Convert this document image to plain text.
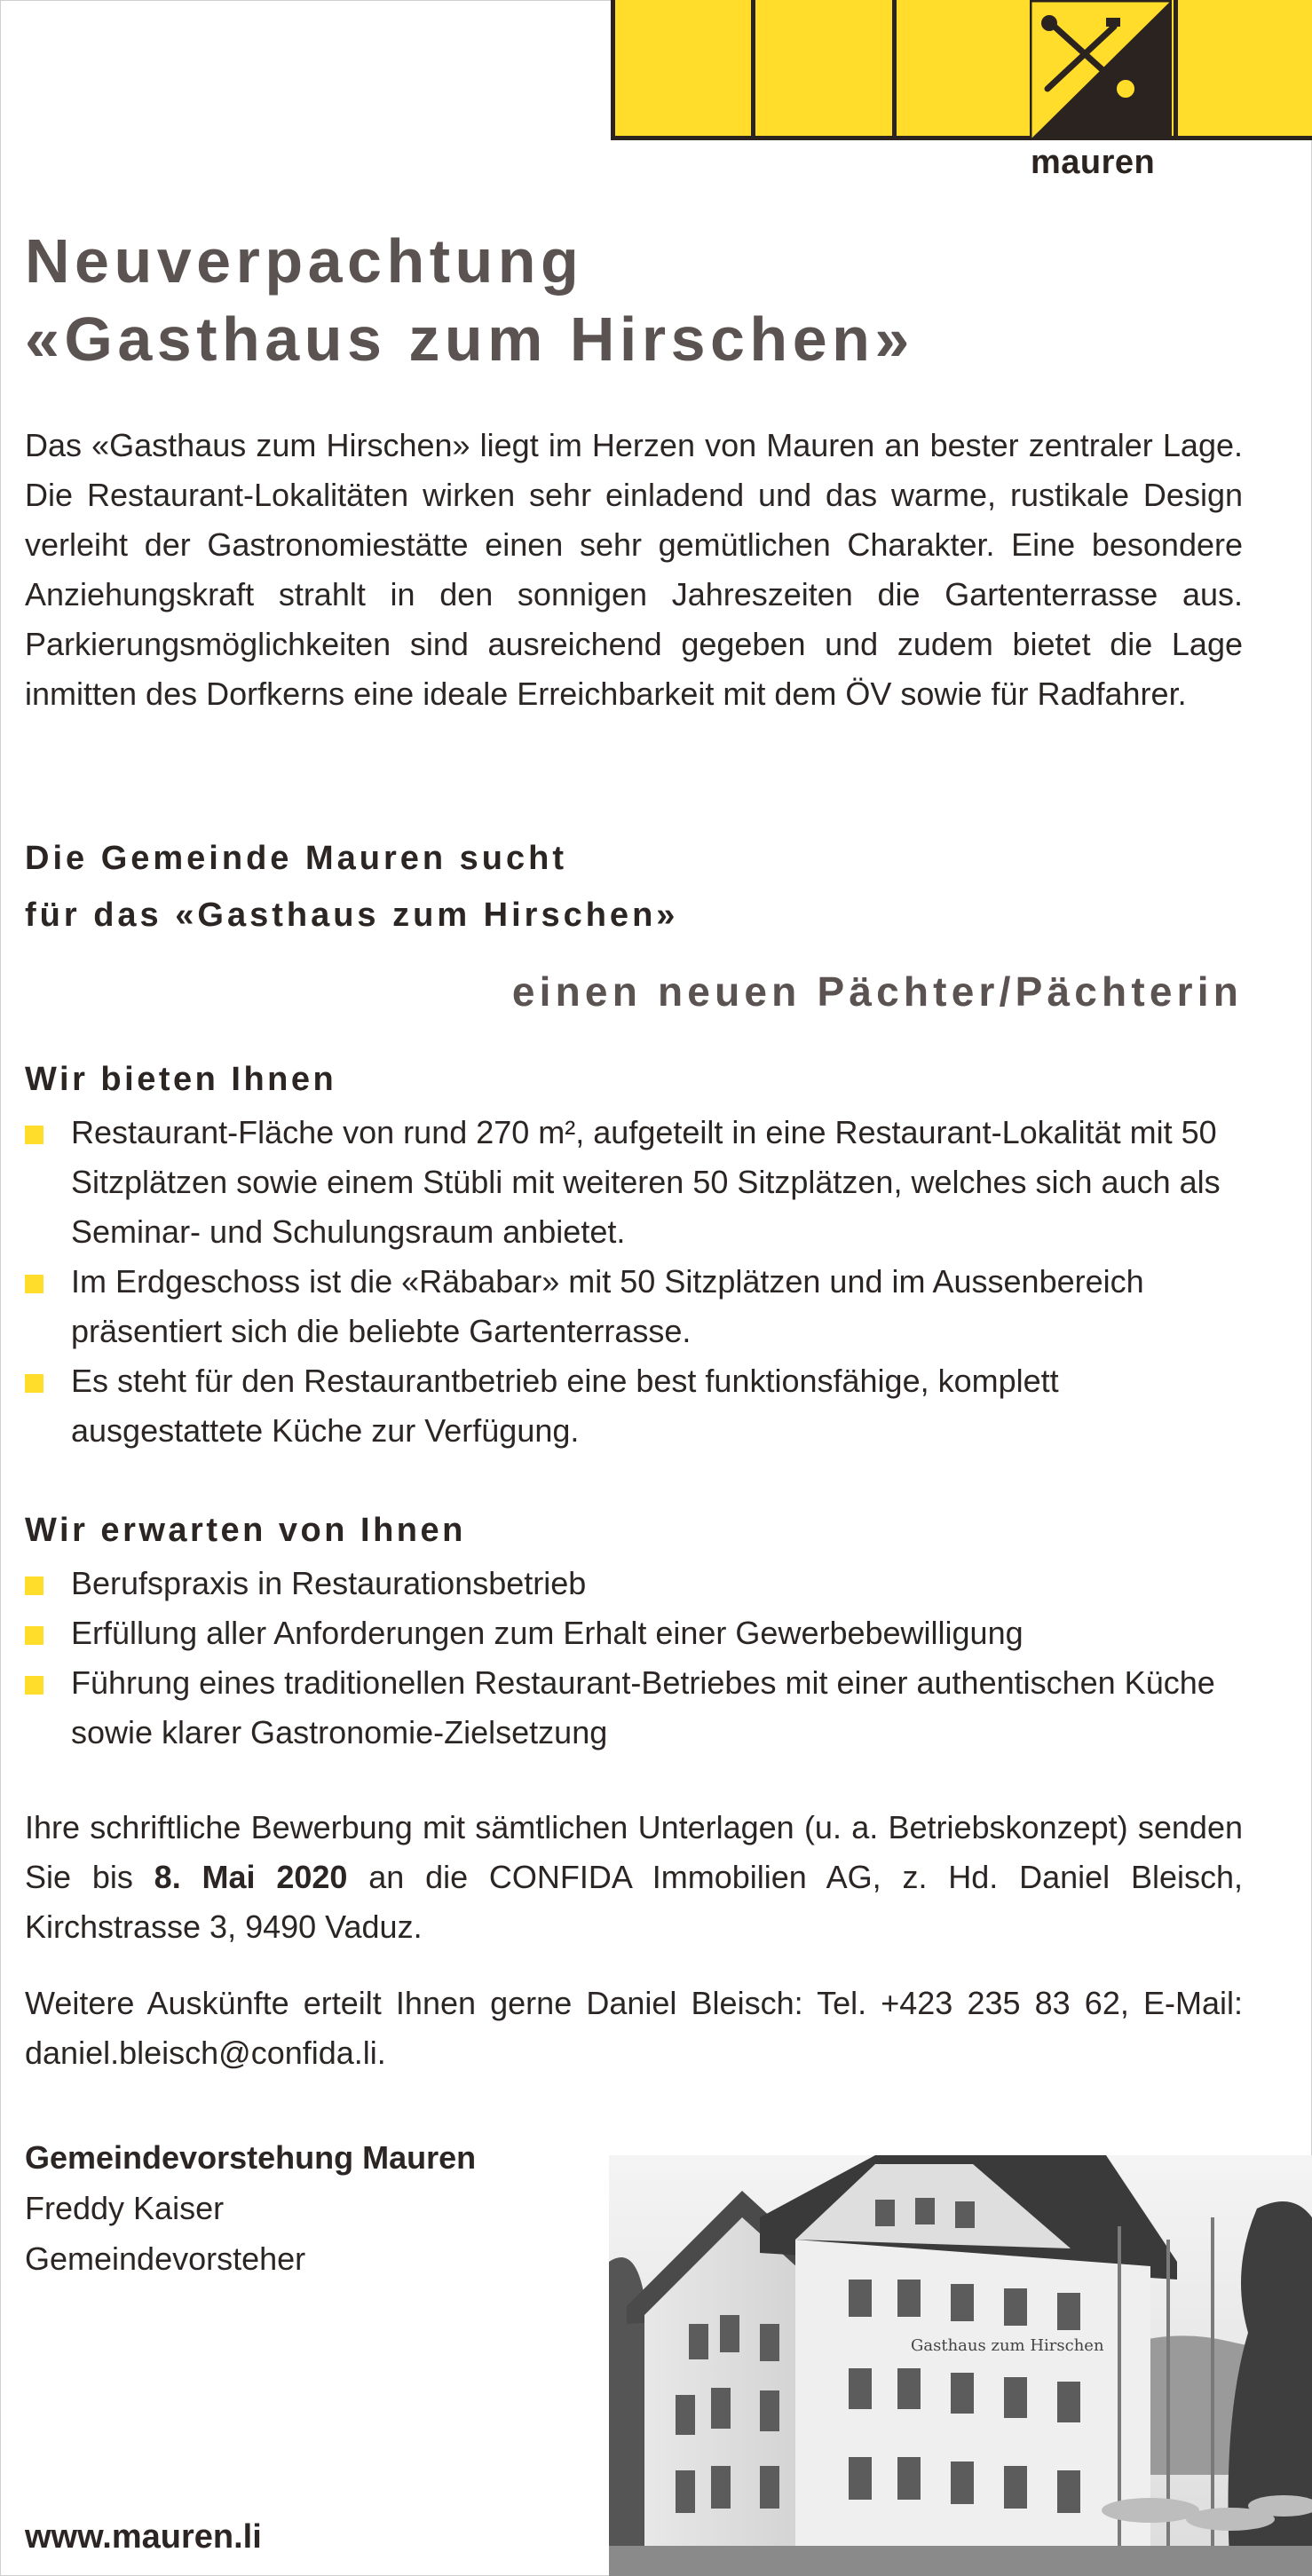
mauren
Neuverpachtung
«Gasthaus zum Hirschen»

Das «Gasthaus zum Hirschen» liegt im Herzen von Mauren an bester zentraler Lage. Die Restaurant-Lokalitäten wirken sehr einladend und das warme, rustikale Design verleiht der Gastronomiestätte einen sehr gemütlichen Charakter. Eine besondere Anziehungskraft strahlt in den sonnigen Jahreszeiten die Gartenterrasse aus. Parkierungsmöglichkeiten sind ausreichend gegeben und zudem bietet die Lage inmitten des Dorfkerns eine ideale Erreichbarkeit mit dem ÖV sowie für Radfahrer.

Die Gemeinde Mauren sucht
für das «Gasthaus zum Hirschen»
einen neuen Pächter/Pächterin
Wir bieten Ihnen
Restaurant-Fläche von rund 270 m², aufgeteilt in eine Restaurant-Lokalität mit 50 Sitzplätzen sowie einem Stübli mit weiteren 50 Sitzplätzen, welches sich auch als Seminar- und Schulungsraum anbietet.
Im Erdgeschoss ist die «Räbabar» mit 50 Sitzplätzen und im Aussenbereich präsentiert sich die beliebte Gartenterrasse.
Es steht für den Restaurantbetrieb eine best funktionsfähige, komplett ausgestattete Küche zur Verfügung.
Wir erwarten von Ihnen
Berufspraxis in Restaurationsbetrieb
Erfüllung aller Anforderungen zum Erhalt einer Gewerbebewilligung
Führung eines traditionellen Restaurant-Betriebes mit einer authentischen Küche sowie klarer Gastronomie-Zielsetzung

Ihre schriftliche Bewerbung mit sämtlichen Unterlagen (u. a. Betriebskonzept) senden Sie bis 8. Mai 2020 an die CONFIDA Immobilien AG, z. Hd. Daniel Bleisch, Kirchstrasse 3, 9490 Vaduz.

Weitere Auskünfte erteilt Ihnen gerne Daniel Bleisch: Tel. +423 235 83 62, E-Mail: daniel.bleisch@confida.li.

Gemeindevorstehung Mauren
Freddy Kaiser
Gemeindevorsteher
Gasthaus zum Hirschen

www.mauren.li
